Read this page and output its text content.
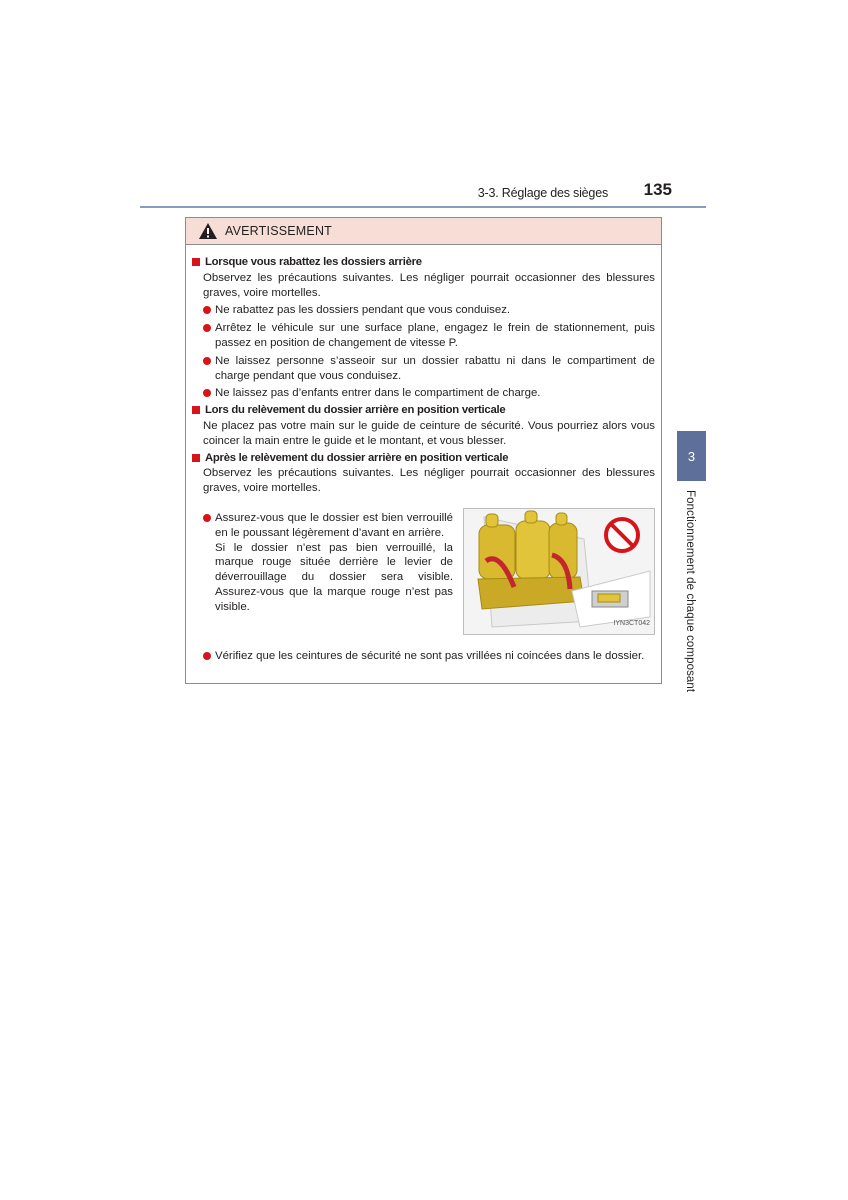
3-3. Réglage des sièges 135
AVERTISSEMENT
Lorsque vous rabattez les dossiers arrière
Observez les précautions suivantes. Les négliger pourrait occasionner des blessures graves, voire mortelles.
Ne rabattez pas les dossiers pendant que vous conduisez.
Arrêtez le véhicule sur une surface plane, engagez le frein de stationnement, puis passez en position de changement de vitesse P.
Ne laissez personne s’asseoir sur un dossier rabattu ni dans le compartiment de charge pendant que vous conduisez.
Ne laissez pas d’enfants entrer dans le compartiment de charge.
Lors du relèvement du dossier arrière en position verticale
Ne placez pas votre main sur le guide de ceinture de sécurité. Vous pourriez alors vous coincer la main entre le guide et le montant, et vous blesser.
Après le relèvement du dossier arrière en position verticale
Observez les précautions suivantes. Les négliger pourrait occasionner des blessures graves, voire mortelles.
Assurez-vous que le dossier est bien verrouillé en le poussant légèrement d’avant en arrière.
Si le dossier n’est pas bien verrouillé, la marque rouge située derrière le levier de déverrouillage du dossier sera visible. Assurez-vous que la marque rouge n’est pas visible.
IYN3CT042
Vérifiez que les ceintures de sécurité ne sont pas vrillées ni coincées dans le dossier.
3
Fonctionnement de chaque composant
